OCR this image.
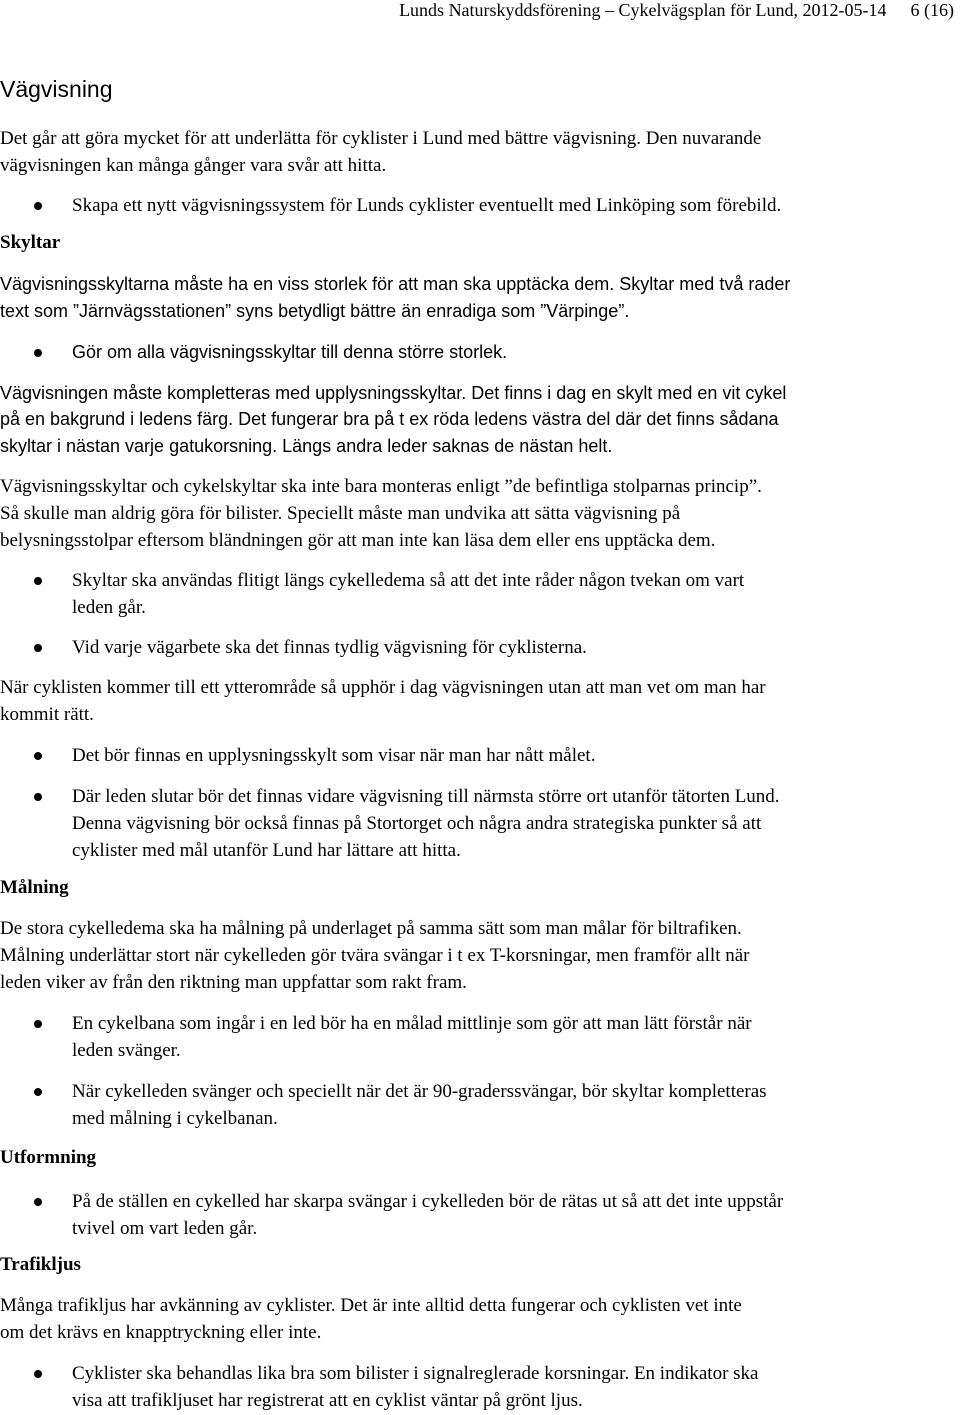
Lunds Naturskyddsförening – Cykelvägsplan för Lund, 2012-05-14 6 (16)
Vägvisning
Det går att göra mycket för att underlätta för cyklister i Lund med bättre vägvisning. Den nuvarande
vägvisningen kan många gånger vara svår att hitta.
Skapa ett nytt vägvisningssystem för Lunds cyklister eventuellt med Linköping som förebild.
Skyltar
Vägvisningsskyltarna måste ha en viss storlek för att man ska upptäcka dem. Skyltar med två rader
text som ”Järnvägsstationen” syns betydligt bättre än enradiga som ”Värpinge”.
Gör om alla vägvisningsskyltar till denna större storlek.
Vägvisningen måste kompletteras med upplysningsskyltar. Det finns i dag en skylt med en vit cykel
på en bakgrund i ledens färg. Det fungerar bra på t ex röda ledens västra del där det finns sådana
skyltar i nästan varje gatukorsning. Längs andra leder saknas de nästan helt.
Vägvisningsskyltar och cykelskyltar ska inte bara monteras enligt ”de befintliga stolparnas princip”.
Så skulle man aldrig göra för bilister. Speciellt måste man undvika att sätta vägvisning på
belysningsstolpar eftersom bländningen gör att man inte kan läsa dem eller ens upptäcka dem.
Skyltar ska användas flitigt längs cykelledema så att det inte råder någon tvekan om vart
leden går.
Vid varje vägarbete ska det finnas tydlig vägvisning för cyklisterna.
När cyklisten kommer till ett ytterområde så upphör i dag vägvisningen utan att man vet om man har
kommit rätt.
Det bör finnas en upplysningsskylt som visar när man har nått målet.
Där leden slutar bör det finnas vidare vägvisning till närmsta större ort utanför tätorten Lund.
Denna vägvisning bör också finnas på Stortorget och några andra strategiska punkter så att
cyklister med mål utanför Lund har lättare att hitta.
Målning
De stora cykelledema ska ha målning på underlaget på samma sätt som man målar för biltrafiken.
Målning underlättar stort när cykelleden gör tvära svängar i t ex T-korsningar, men framför allt när
leden viker av från den riktning man uppfattar som rakt fram.
En cykelbana som ingår i en led bör ha en målad mittlinje som gör att man lätt förstår när
leden svänger.
När cykelleden svänger och speciellt när det är 90-graderssvängar, bör skyltar kompletteras
med målning i cykelbanan.
Utformning
På de ställen en cykelled har skarpa svängar i cykelleden bör de rätas ut så att det inte uppstår
tvivel om vart leden går.
Trafikljus
Många trafikljus har avkänning av cyklister. Det är inte alltid detta fungerar och cyklisten vet inte
om det krävs en knapptryckning eller inte.
Cyklister ska behandlas lika bra som bilister i signalreglerade korsningar. En indikator ska
visa att trafikljuset har registrerat att en cyklist väntar på grönt ljus.
